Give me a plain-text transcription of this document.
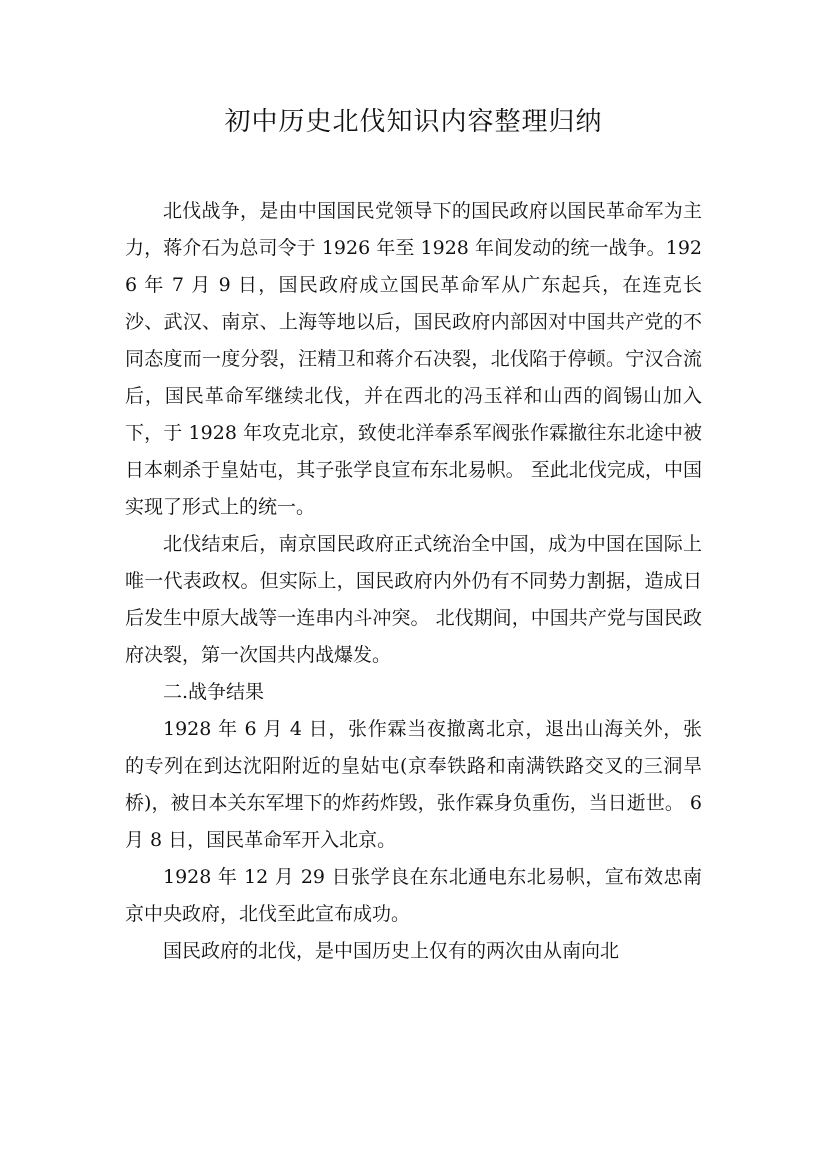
初中历史北伐知识内容整理归纳

北伐战争，是由中国国民党领导下的国民政府以国民革命军为主力，蒋介石为总司令于 1926 年至 1928 年间发动的统一战争。1926 年 7 月 9 日，国民政府成立国民革命军从广东起兵，在连克长沙、武汉、南京、上海等地以后，国民政府内部因对中国共产党的不同态度而一度分裂，汪精卫和蒋介石决裂，北伐陷于停顿。宁汉合流后，国民革命军继续北伐，并在西北的冯玉祥和山西的阎锡山加入下，于 1928 年攻克北京，致使北洋奉系军阀张作霖撤往东北途中被日本刺杀于皇姑屯，其子张学良宣布东北易帜。 至此北伐完成，中国实现了形式上的统一。

北伐结束后，南京国民政府正式统治全中国，成为中国在国际上唯一代表政权。但实际上，国民政府内外仍有不同势力割据，造成日后发生中原大战等一连串内斗冲突。 北伐期间，中国共产党与国民政府决裂，第一次国共内战爆发。

二.战争结果

1928 年 6 月 4 日，张作霖当夜撤离北京，退出山海关外，张的专列在到达沈阳附近的皇姑屯(京奉铁路和南满铁路交叉的三洞旱桥)，被日本关东军埋下的炸药炸毁，张作霖身负重伤，当日逝世。 6 月 8 日，国民革命军开入北京。

1928 年 12 月 29 日张学良在东北通电东北易帜，宣布效忠南京中央政府，北伐至此宣布成功。

国民政府的北伐，是中国历史上仅有的两次由从南向北
